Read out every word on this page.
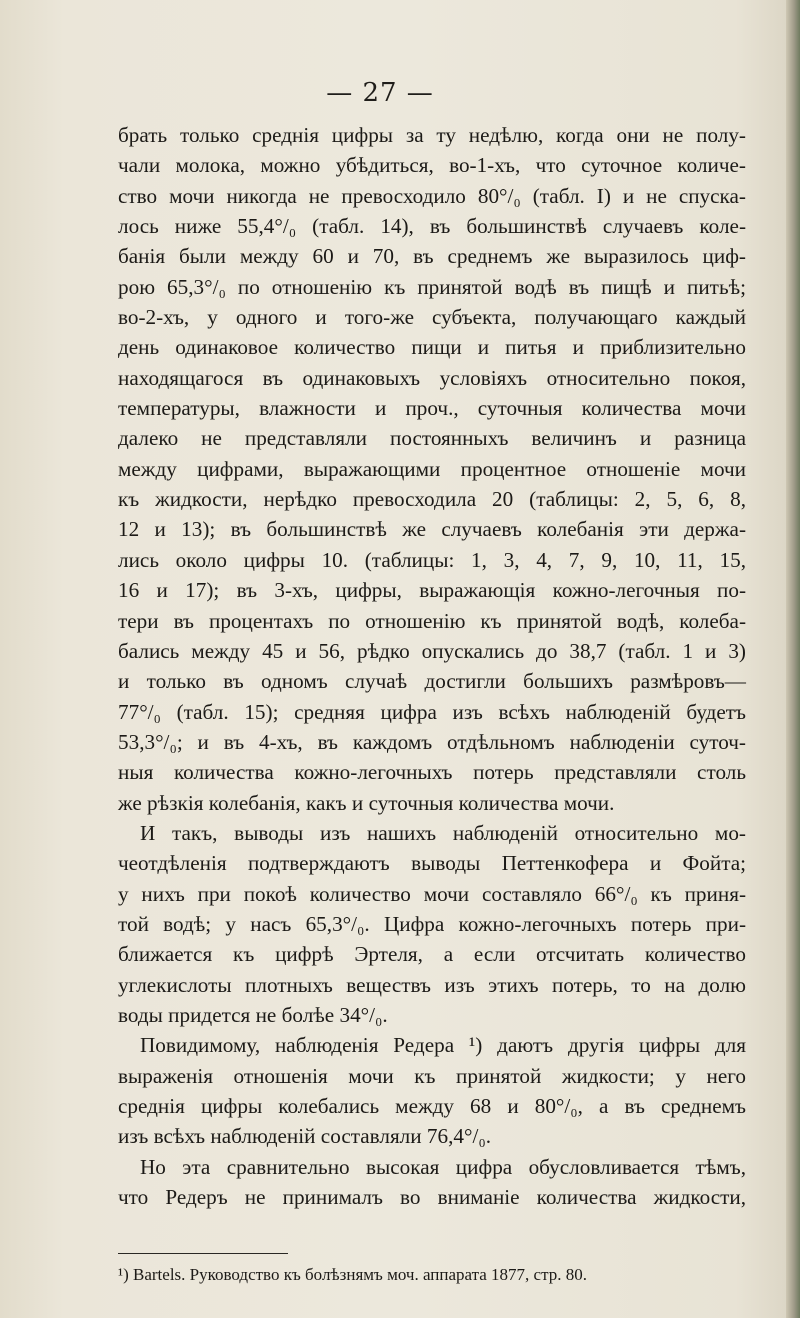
— 27 —
брать только среднія цифры за ту недѣлю, когда они не полу-
чали молока, можно убѣдиться, во-1-хъ, что суточное количе-
ство мочи никогда не превосходило 80°/₀ (табл. I) и не спуска-
лось ниже 55,4°/₀ (табл. 14), въ большинствѣ случаевъ коле-
банія были между 60 и 70, въ среднемъ же выразилось циф-
рою 65,3°/₀ по отношенію къ принятой водѣ въ пищѣ и питьѣ;
во-2-хъ, у одного и того-же субъекта, получающаго каждый
день одинаковое количество пищи и питья и приблизительно
находящагося въ одинаковыхъ условіяхъ относительно покоя,
температуры, влажности и проч., суточныя количества мочи
далеко не представляли постоянныхъ величинъ и разница
между цифрами, выражающими процентное отношеніе мочи
къ жидкости, нерѣдко превосходила 20 (таблицы: 2, 5, 6, 8,
12 и 13); въ большинствѣ же случаевъ колебанія эти держа-
лись около цифры 10. (таблицы: 1, 3, 4, 7, 9, 10, 11, 15,
16 и 17); въ 3-хъ, цифры, выражающія кожно-легочныя по-
тери въ процентахъ по отношенію къ принятой водѣ, колеба-
бались между 45 и 56, рѣдко опускались до 38,7 (табл. 1 и 3)
и только въ одномъ случаѣ достигли большихъ размѣровъ—
77°/₀ (табл. 15); средняя цифра изъ всѣхъ наблюденій будетъ
53,3°/₀; и въ 4-хъ, въ каждомъ отдѣльномъ наблюденіи суточ-
ныя количества кожно-легочныхъ потерь представляли столь
же рѣзкія колебанія, какъ и суточныя количества мочи.
И такъ, выводы изъ нашихъ наблюденій относительно мо-
чеотдѣленія подтверждаютъ выводы Петтенкофера и Фойта;
у нихъ при покоѣ количество мочи составляло 66°/₀ къ приня-
той водѣ; у насъ 65,3°/₀. Цифра кожно-легочныхъ потерь при-
ближается къ цифрѣ Эртеля, а если отсчитать количество
углекислоты плотныхъ веществъ изъ этихъ потерь, то на долю
воды придется не болѣе 34°/₀.
Повидимому, наблюденія Редера ¹) даютъ другія цифры для
выраженія отношенія мочи къ принятой жидкости; у него
среднія цифры колебались между 68 и 80°/₀, а въ среднемъ
изъ всѣхъ наблюденій составляли 76,4°/₀.
Но эта сравнительно высокая цифра обусловливается тѣмъ,
что Редеръ не принималъ во вниманіе количества жидкости,
¹) Bartels. Руководство къ болѣзнямъ моч. аппарата 1877, стр. 80.
